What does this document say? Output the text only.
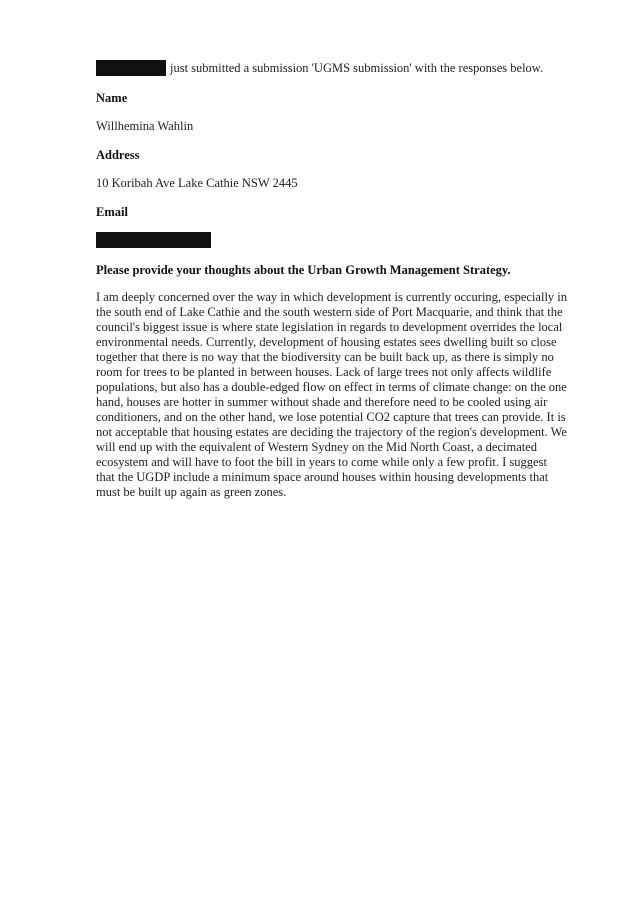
just submitted a submission 'UGMS submission' with the responses below.
Name
Willhemina Wahlin
Address
10 Koribah Ave Lake Cathie NSW 2445
Email
Please provide your thoughts about the Urban Growth Management Strategy.

I am deeply concerned over the way in which development is currently occuring, especially in
the south end of Lake Cathie and the south western side of Port Macquarie, and think that the
council's biggest issue is where state legislation in regards to development overrides the local
environmental needs. Currently, development of housing estates sees dwelling built so close
together that there is no way that the biodiversity can be built back up, as there is simply no
room for trees to be planted in between houses. Lack of large trees not only affects wildlife
populations, but also has a double-edged flow on effect in terms of climate change: on the one
hand, houses are hotter in summer without shade and therefore need to be cooled using air
conditioners, and on the other hand, we lose potential CO2 capture that trees can provide. It is
not acceptable that housing estates are deciding the trajectory of the region's development. We
will end up with the equivalent of Western Sydney on the Mid North Coast, a decimated
ecosystem and will have to foot the bill in years to come while only a few profit. I suggest
that the UGDP include a minimum space around houses within housing developments that
must be built up again as green zones.
